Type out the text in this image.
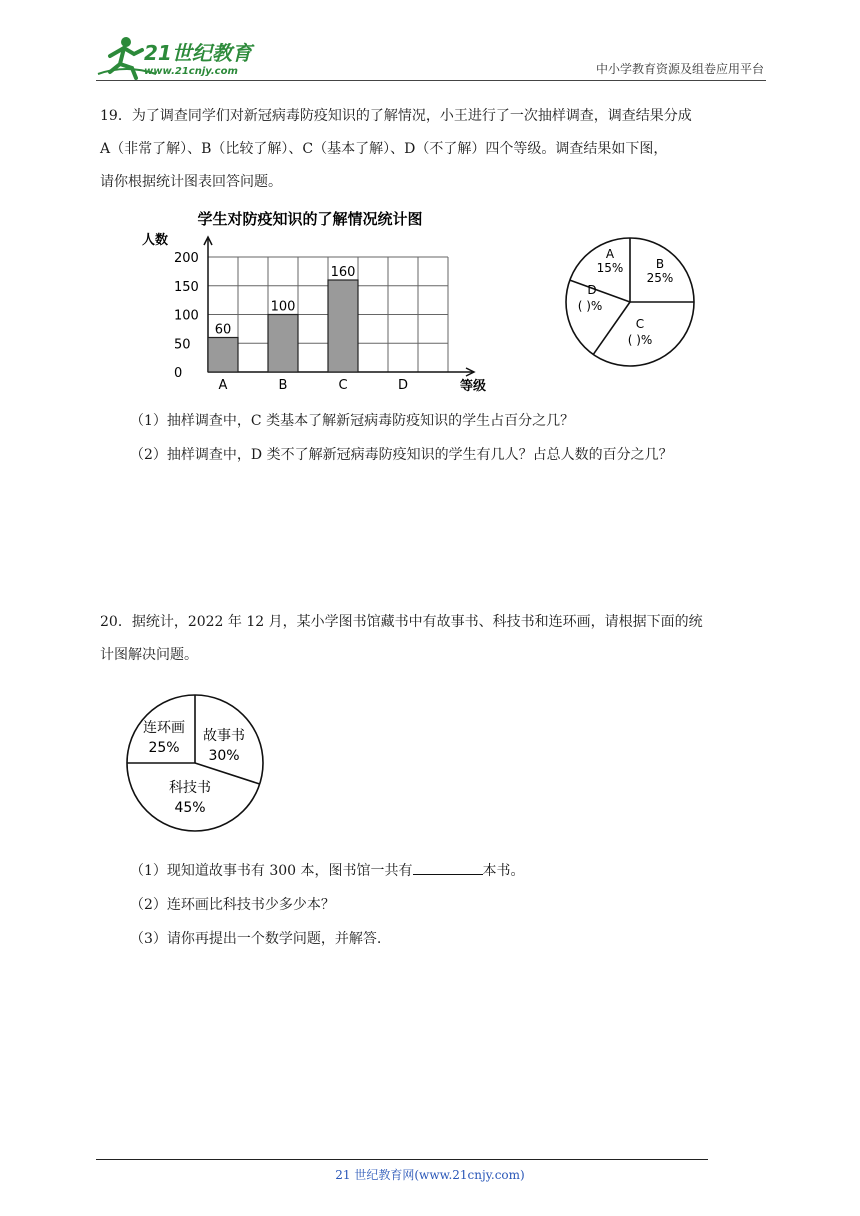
21世纪教育
www.21cnjy.com	中小学教育资源及组卷应用平台

19．为了调查同学们对新冠病毒防疫知识的了解情况，小王进行了一次抽样调查，调查结果分成

A（非常了解）、B（比较了解）、C（基本了解）、D（不了解）四个等级。调查结果如下图，

请你根据统计图表回答问题。

学生对防疫知识的了解情况统计图
人数
0
50
100
150
200
等级
A
60
B
100
C
160
D
A
15%	B
25%
C
( )%
D
( )%
（1）抽样调查中，C 类基本了解新冠病毒防疫知识的学生占百分之几？
（2）抽样调查中，D 类不了解新冠病毒防疫知识的学生有几人？占总人数的百分之几？

20．据统计，2022 年 12 月，某小学图书馆藏书中有故事书、科技书和连环画，请根据下面的统

计图解决问题。

连环画
25%
故事书
30%
科技书
45%
（1）现知道故事书有 300 本，图书馆一共有	本书。
（2）连环画比科技书少多少本？
（3）请你再提出一个数学问题，并解答.
21 世纪教育网(www.21cnjy.com)
